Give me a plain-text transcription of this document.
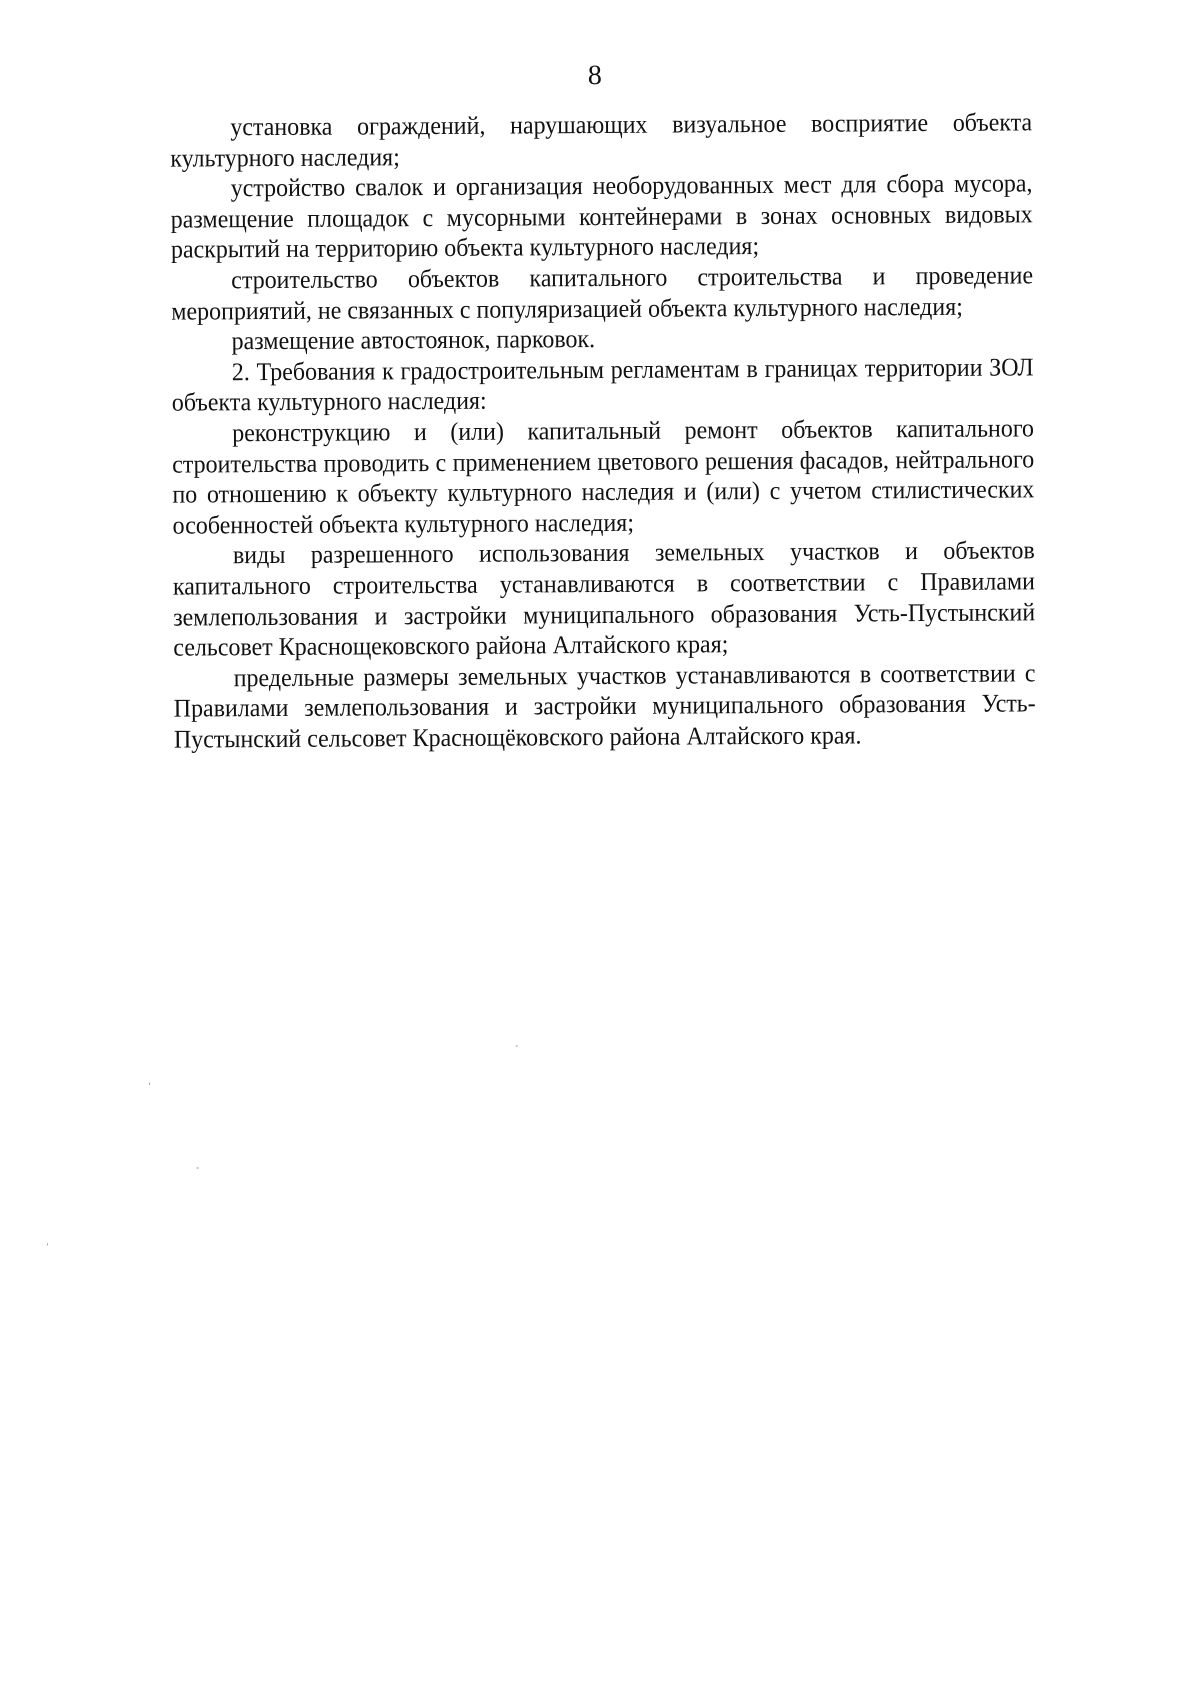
8

установка ограждений, нарушающих визуальное восприятие объекта культурного наследия;

устройство свалок и организация необорудованных мест для сбора мусора, размещение площадок с мусорными контейнерами в зонах основных видовых раскрытий на территорию объекта культурного наследия;

строительство объектов капитального строительства и проведение мероприятий, не связанных с популяризацией объекта культурного наследия;

размещение автостоянок, парковок.

2. Требования к градостроительным регламентам в границах территории ЗОЛ объекта культурного наследия:

реконструкцию и (или) капитальный ремонт объектов капитального строительства проводить с применением цветового решения фасадов, нейтрального по отношению к объекту культурного наследия и (или) с учетом стилистических особенностей объекта культурного наследия;

виды разрешенного использования земельных участков и объектов капитального строительства устанавливаются в соответствии с Правилами землепользования и застройки муниципального образования Усть-Пустынский сельсовет Краснощековского района Алтайского края;

предельные размеры земельных участков устанавливаются в соответствии с Правилами землепользования и застройки муниципального образования Усть-Пустынский сельсовет Краснощёковского района Алтайского края.
